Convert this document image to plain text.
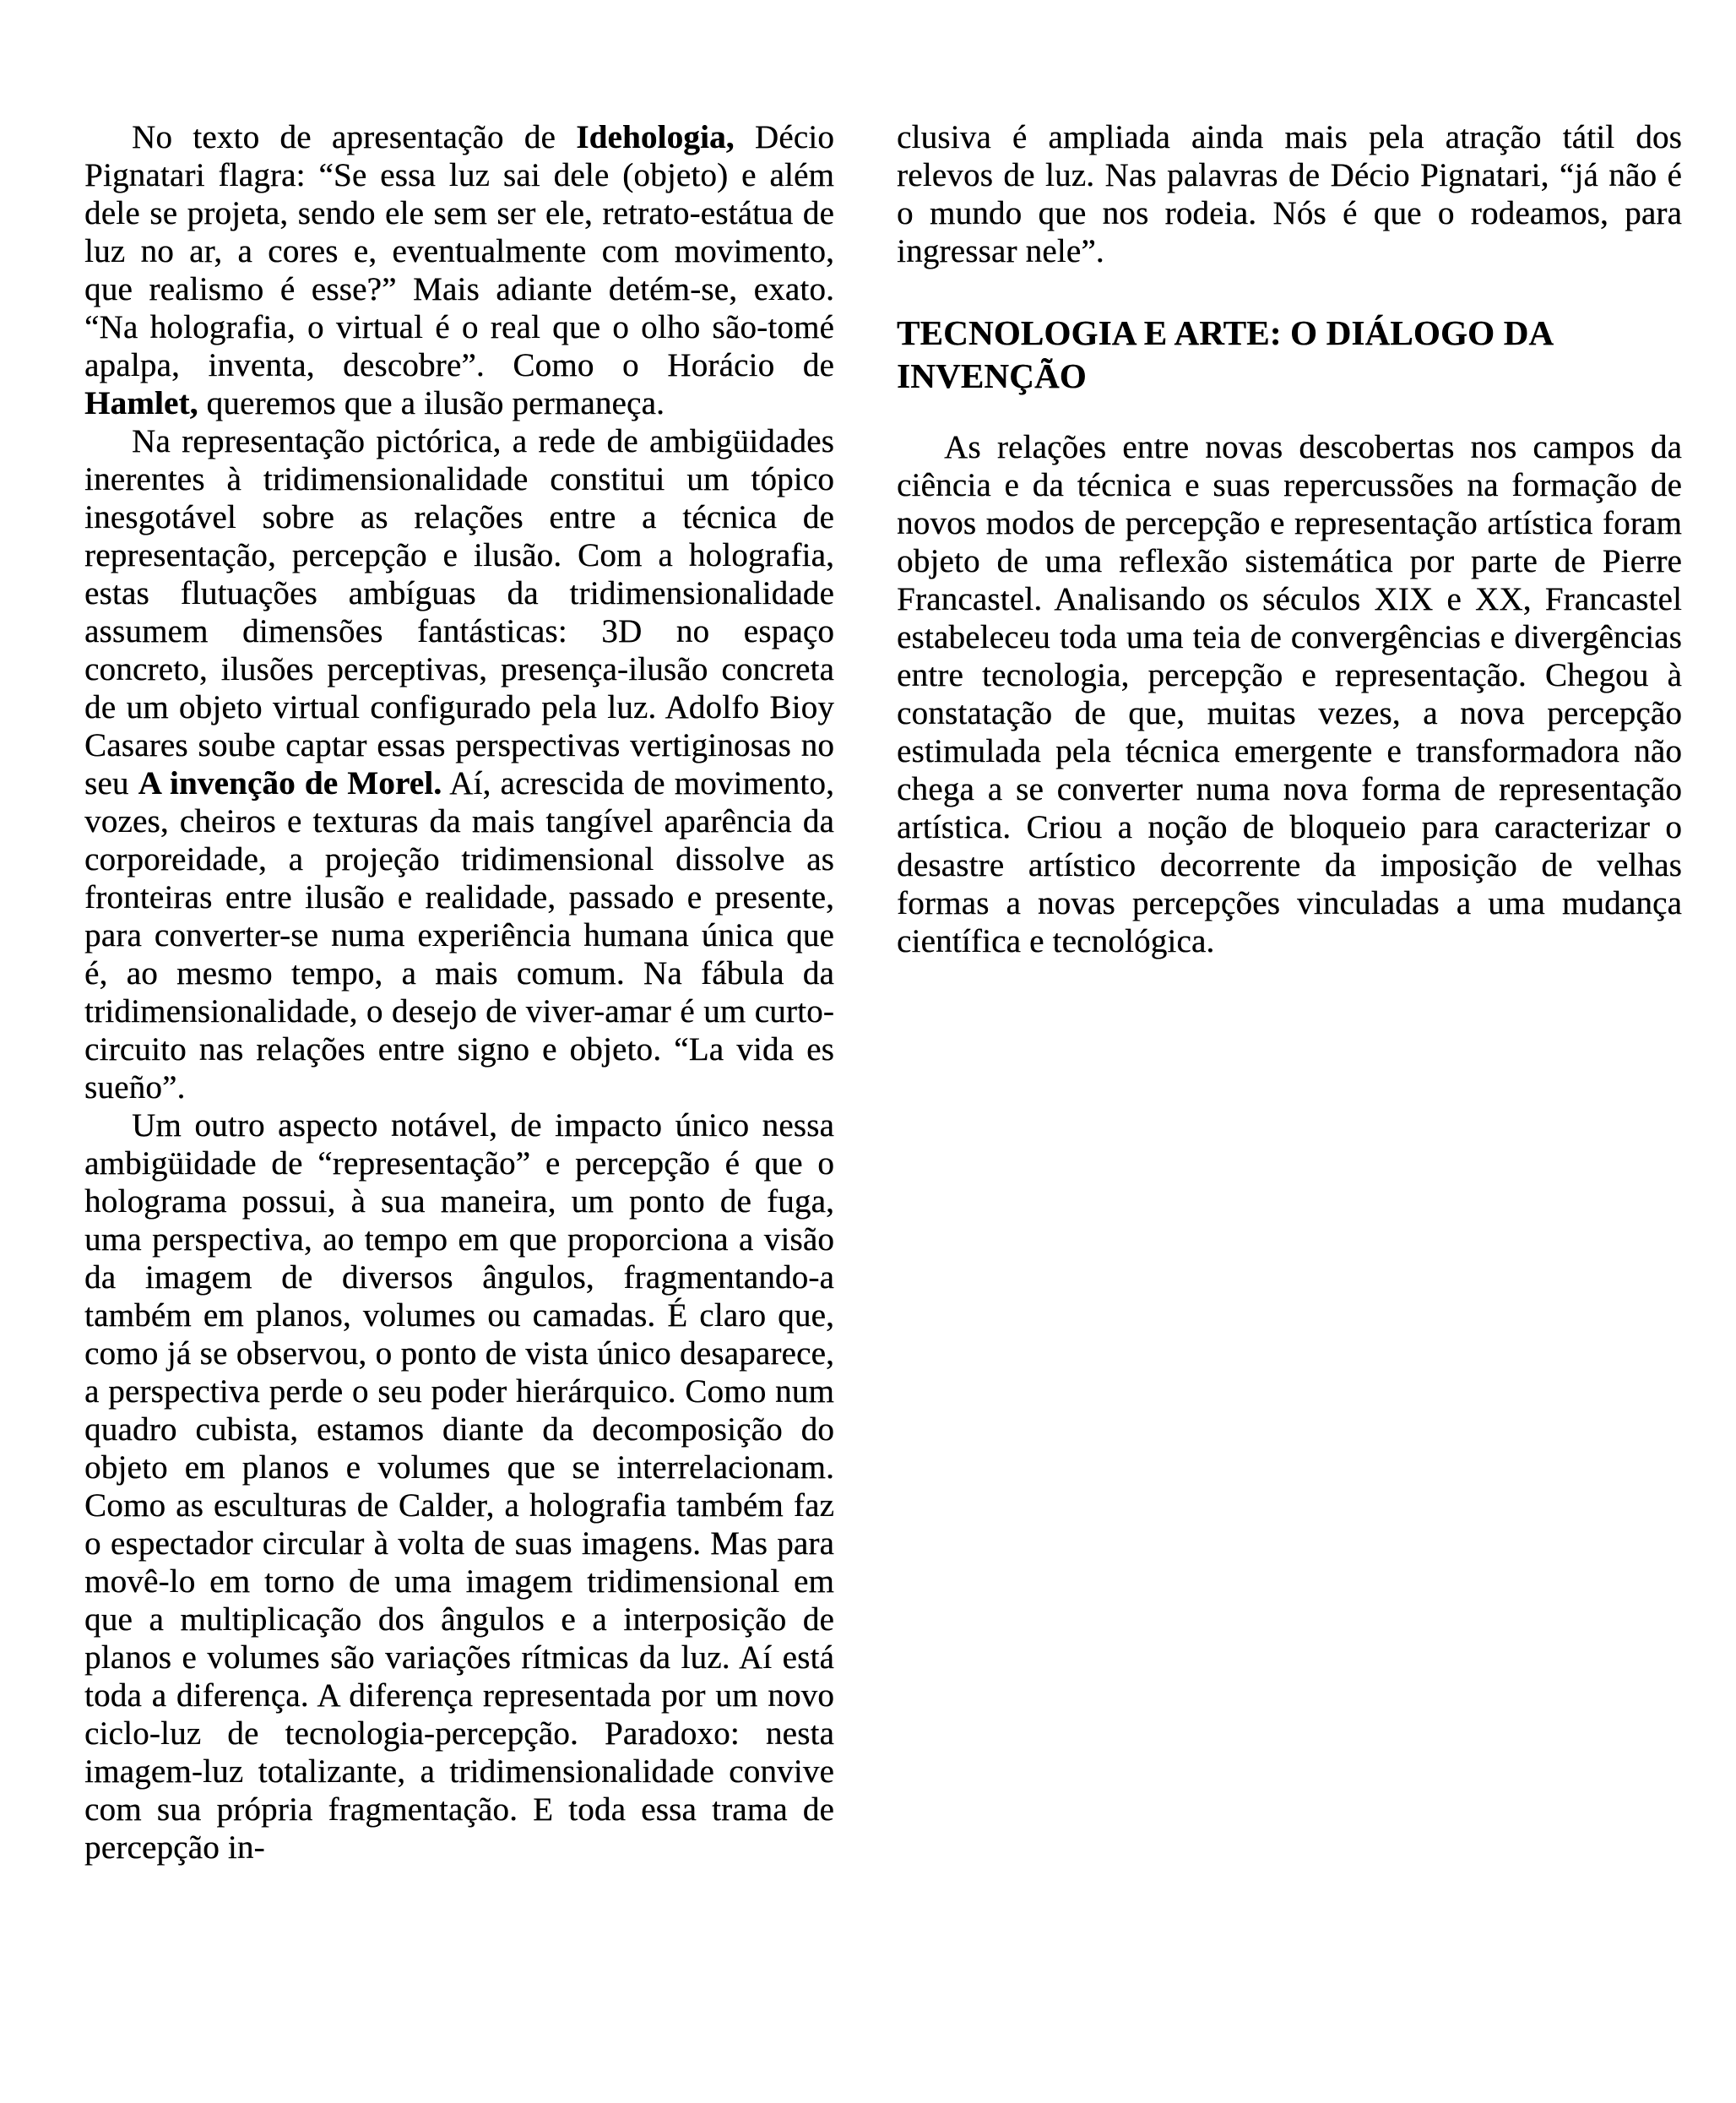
No texto de apresentação de Idehologia, Décio Pignatari flagra: “Se essa luz sai dele (objeto) e além dele se projeta, sendo ele sem ser ele, retrato-estátua de luz no ar, a cores e, eventualmente com movimento, que realismo é esse?” Mais adiante detém-se, exato. “Na holografia, o virtual é o real que o olho são-tomé apalpa, inventa, descobre”. Como o Horácio de Hamlet, queremos que a ilusão permaneça.

Na representação pictórica, a rede de ambigüidades inerentes à tridimensionalidade constitui um tópico inesgotável sobre as relações entre a técnica de representação, percepção e ilusão. Com a holografia, estas flutuações ambíguas da tridimensionalidade assumem dimensões fantásticas: 3D no espaço concreto, ilusões perceptivas, presença-ilusão concreta de um objeto virtual configurado pela luz. Adolfo Bioy Casares soube captar essas perspectivas vertiginosas no seu A invenção de Morel. Aí, acrescida de movimento, vozes, cheiros e texturas da mais tangível aparência da corporeidade, a projeção tridimensional dissolve as fronteiras entre ilusão e realidade, passado e presente, para converter-se numa experiência humana única que é, ao mesmo tempo, a mais comum. Na fábula da tridimensionalidade, o desejo de viver-amar é um curto-circuito nas relações entre signo e objeto. “La vida es sueño”.

Um outro aspecto notável, de impacto único nessa ambigüidade de “representação” e percepção é que o holograma possui, à sua maneira, um ponto de fuga, uma perspectiva, ao tempo em que proporciona a visão da imagem de diversos ângulos, fragmentando-a também em planos, volumes ou camadas. É claro que, como já se observou, o ponto de vista único desaparece, a perspectiva perde o seu poder hierárquico. Como num quadro cubista, estamos diante da decomposição do objeto em planos e volumes que se interrelacionam. Como as esculturas de Calder, a holografia também faz o espectador circular à volta de suas imagens. Mas para movê-lo em torno de uma imagem tridimensional em que a multiplicação dos ângulos e a interposição de planos e volumes são variações rítmicas da luz. Aí está toda a diferença. A diferença representada por um novo ciclo-luz de tecnologia-percepção. Paradoxo: nesta imagem-luz totalizante, a tridimensionalidade convive com sua própria fragmentação. E toda essa trama de percepção in-

clusiva é ampliada ainda mais pela atração tátil dos relevos de luz. Nas palavras de Décio Pignatari, “já não é o mundo que nos rodeia. Nós é que o rodeamos, para ingressar nele”.

TECNOLOGIA E ARTE: O DIÁLOGO DA INVENÇÃO

As relações entre novas descobertas nos campos da ciência e da técnica e suas repercussões na formação de novos modos de percepção e representação artística foram objeto de uma reflexão sistemática por parte de Pierre Francastel. Analisando os séculos XIX e XX, Francastel estabeleceu toda uma teia de convergências e divergências entre tecnologia, percepção e representação. Chegou à constatação de que, muitas vezes, a nova percepção estimulada pela técnica emergente e transformadora não chega a se converter numa nova forma de representação artística. Criou a noção de bloqueio para caracterizar o desastre artístico decorrente da imposição de velhas formas a novas percepções vinculadas a uma mudança científica e tecnológica.
